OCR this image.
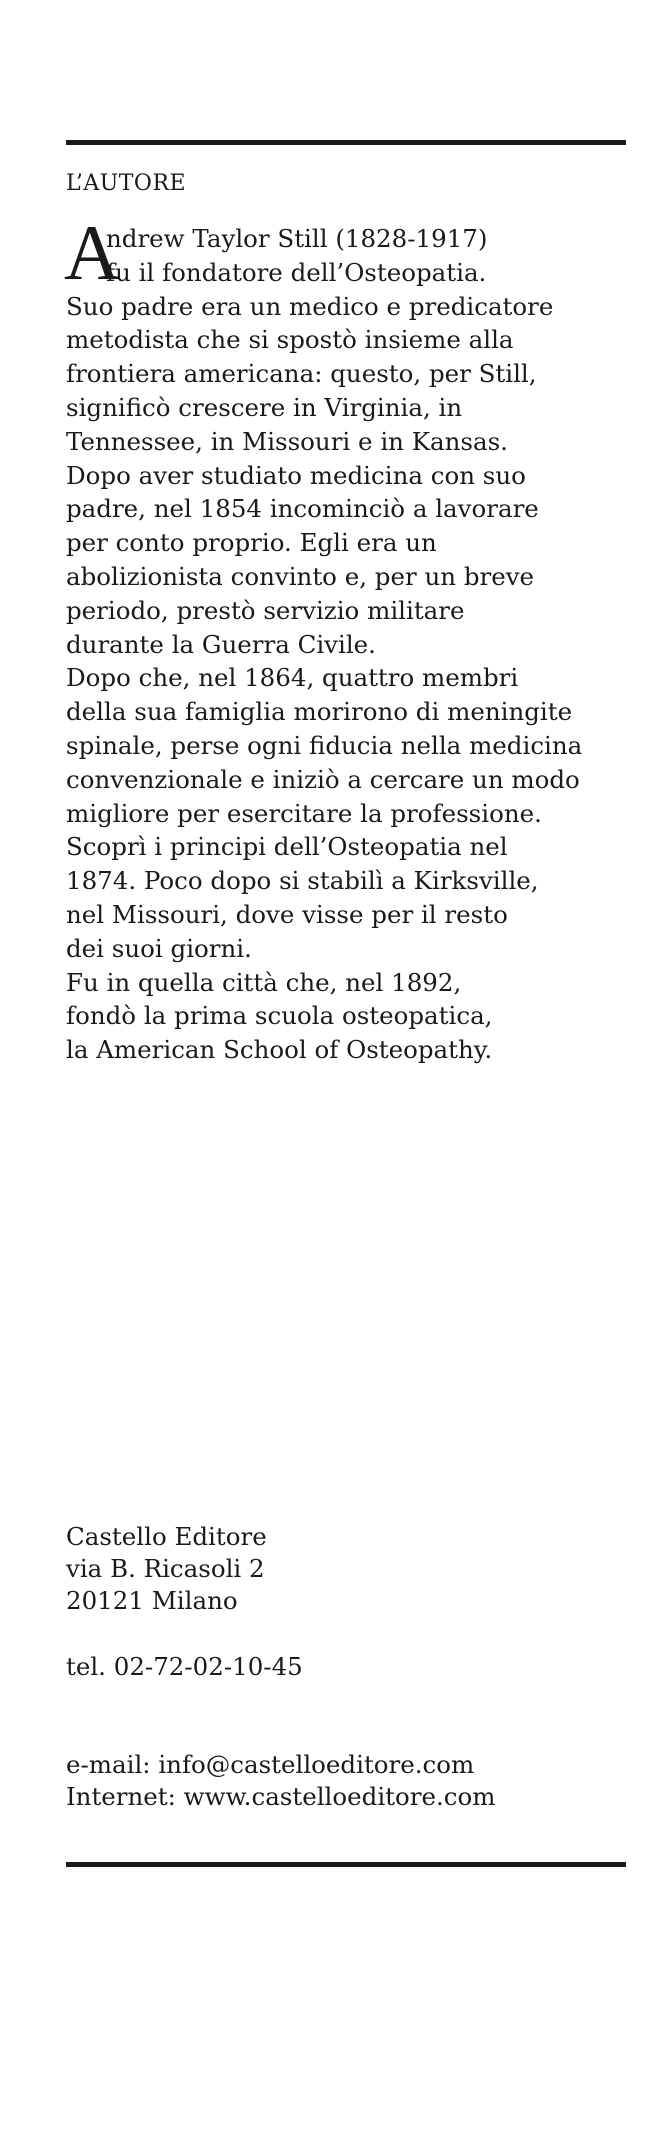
L’AUTORE
A
ndrew Taylor Still (1828-1917)
fu il fondatore dell’Osteopatia.
Suo padre era un medico e predicatore
metodista che si spostò insieme alla
frontiera americana: questo, per Still,
significò crescere in Virginia, in
Tennessee, in Missouri e in Kansas.
Dopo aver studiato medicina con suo
padre, nel 1854 incominciò a lavorare
per conto proprio. Egli era un
abolizionista convinto e, per un breve
periodo, prestò servizio militare
durante la Guerra Civile.
Dopo che, nel 1864, quattro membri
della sua famiglia morirono di meningite
spinale, perse ogni fiducia nella medicina
convenzionale e iniziò a cercare un modo
migliore per esercitare la professione.
Scoprì i principi dell’Osteopatia nel
1874. Poco dopo si stabilì a Kirksville,
nel Missouri, dove visse per il resto
dei suoi giorni.
Fu in quella città che, nel 1892,
fondò la prima scuola osteopatica,
la American School of Osteopathy.
Castello Editore
via B. Ricasoli 2
20121 Milano
tel. 02-72-02-10-45
e-mail: info@castelloeditore.com
Internet: www.castelloeditore.com
